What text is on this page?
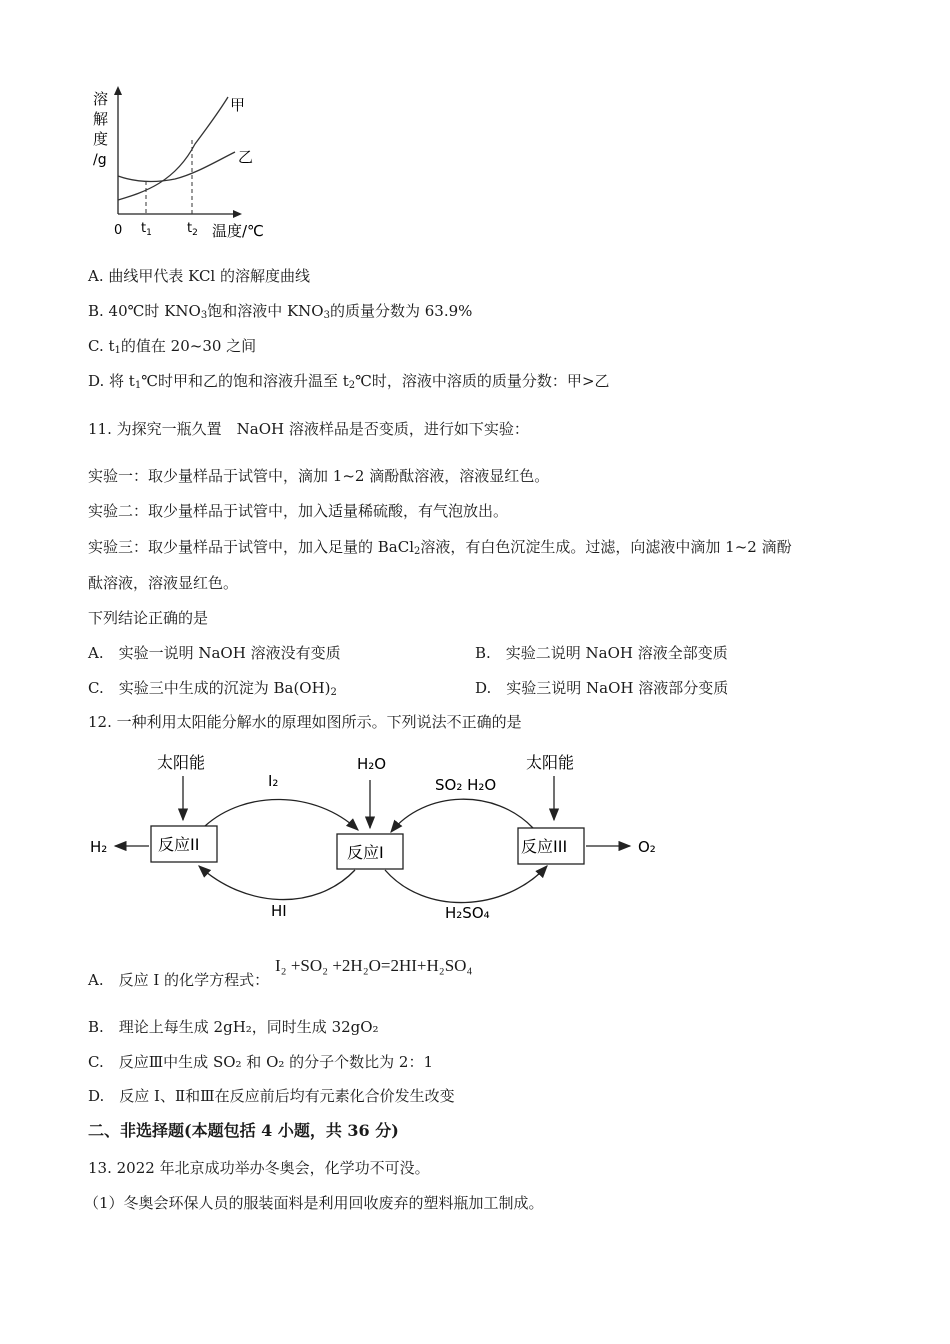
溶
解
度
/g
甲
乙
0 $t_1$	$t_2$ 温度/℃
A. 曲线甲代表 KCl 的溶解度曲线
B. 40℃时 $KNO_3$饱和溶液中 $KNO_3$的质量分数为 63.9%
C. $t_1$的值在 20~30 之间
D. 将 $t_1℃$时甲和乙的饱和溶液升温至 $t_2℃$时，溶液中溶质的质量分数：甲>乙
11. 为探究一瓶久置　NaOH 溶液样品是否变质，进行如下实验：
实验一：取少量样品于试管中，滴加 1~2 滴酚酞溶液，溶液显红色。
实验二：取少量样品于试管中，加入适量稀硫酸，有气泡放出。
实验三：取少量样品于试管中，加入足量的 BaCl$_2$溶液，有白色沉淀生成。过滤，向滤液中滴加 1~2 滴酚
酞溶液，溶液显红色。
下列结论正确的是
A.　实验一说明 NaOH 溶液没有变质	B.　实验二说明 NaOH 溶液全部变质
C.　实验三中生成的沉淀为 $Ba(OH)_2$	D.　实验三说明 NaOH 溶液部分变质
12. 一种利用太阳能分解水的原理如图所示。下列说法不正确的是
太阳能	太阳能
H₂O
反应II	反应I	反应III
H₂	O₂
I₂	SO₂ H₂O
HI	H₂SO₄
A.　反应 I 的化学方程式：
I₂ +SO₂ +2H₂O=2HI+H₂SO₄
B.　理论上每生成 2gH₂，同时生成 32gO₂
C.　反应Ⅲ中生成 SO₂ 和 O₂ 的分子个数比为 2：1
D.　反应 I、Ⅱ和Ⅲ在反应前后均有元素化合价发生改变
二、非选择题(本题包括 4 小题，共 36 分)
13. 2022 年北京成功举办冬奥会，化学功不可没。
（1）冬奥会环保人员的服装面料是利用回收废弃的塑料瓶加工制成。
